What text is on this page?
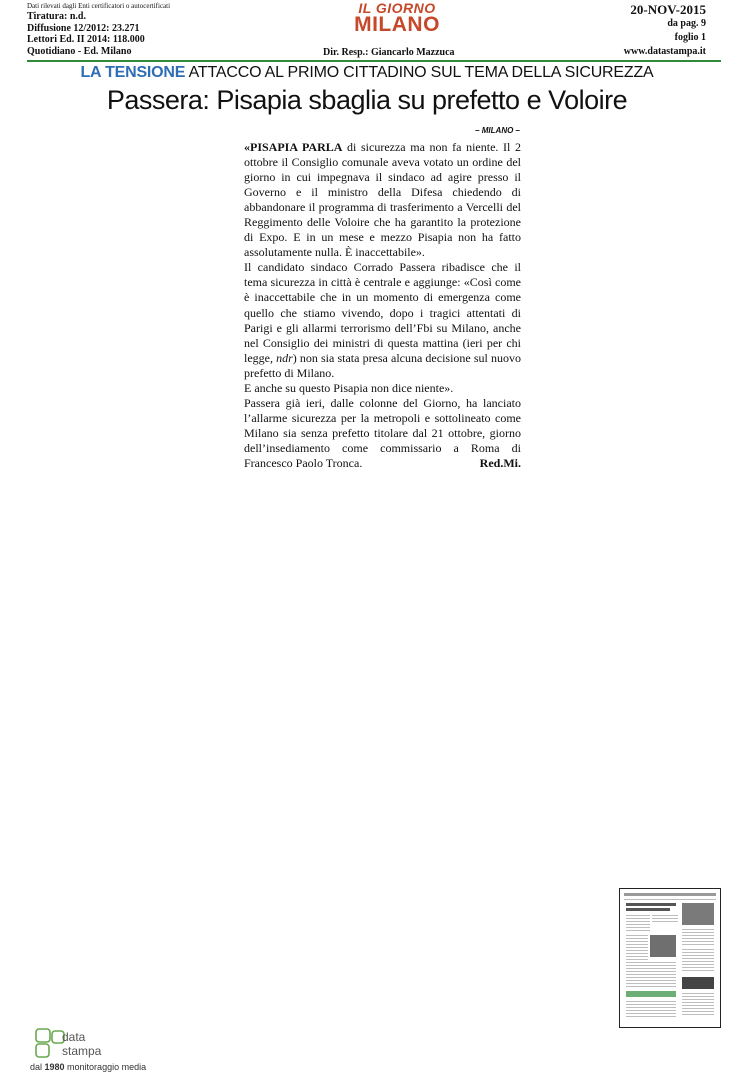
Dati rilevati dagli Enti certificatori o autocertificati
Tiratura: n.d.
Diffusione 12/2012: 23.271
Lettori Ed. II 2014: 118.000
Quotidiano - Ed. Milano
IL GIORNO
MILANO
Dir. Resp.: Giancarlo Mazzuca
20-NOV-2015
da pag. 9
foglio 1
www.datastampa.it
LA TENSIONE ATTACCO AL PRIMO CITTADINO SUL TEMA DELLA SICUREZZA
Passera: Pisapia sbaglia su prefetto e Voloire
– MILANO –

«PISAPIA PARLA di sicurezza ma non fa niente. Il 2 ottobre il Consiglio comunale aveva votato un ordine del giorno in cui impegnava il sindaco ad agire presso il Governo e il ministro della Difesa chiedendo di abbandonare il programma di trasferimento a Vercelli del Reggimento delle Voloire che ha garantito la protezione di Expo. E in un mese e mezzo Pisapia non ha fatto assolutamente nulla. È inaccettabile».

Il candidato sindaco Corrado Passera ribadisce che il tema sicurezza in città è centrale e aggiunge: «Così come è inaccettabile che in un momento di emergenza come quello che stiamo vivendo, dopo i tragici attentati di Parigi e gli allarmi terrorismo dell’Fbi su Milano, anche nel Consiglio dei ministri di questa mattina (ieri per chi legge, ndr) non sia stata presa alcuna decisione sul nuovo prefetto di Milano.

E anche su questo Pisapia non dice niente».

Passera già ieri, dalle colonne del Giorno, ha lanciato l’allarme sicurezza per la metropoli e sottolineato come Milano sia senza prefetto titolare dal 21 ottobre, giorno dell’insediamento come commissario a Roma di Francesco Paolo Tronca.	Red.Mi.

data
stampa
dal 1980 monitoraggio media
